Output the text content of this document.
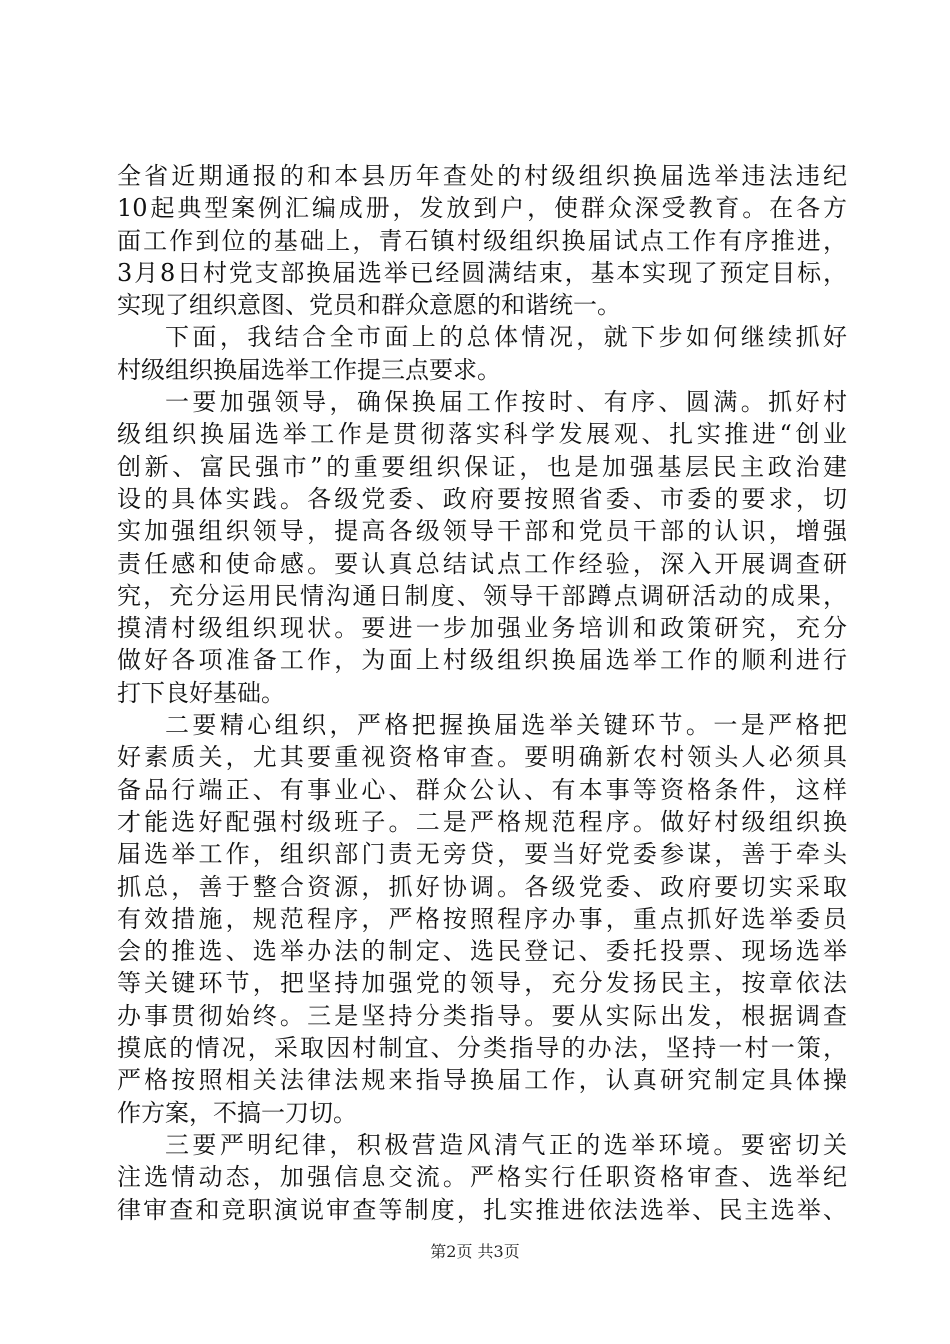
全省近期通报的和本县历年查处的村级组织换届选举违法违纪
10起典型案例汇编成册，发放到户，使群众深受教育。在各方
面工作到位的基础上，青石镇村级组织换届试点工作有序推进，
3月8日村党支部换届选举已经圆满结束，基本实现了预定目标，
实现了组织意图、党员和群众意愿的和谐统一。
下面，我结合全市面上的总体情况，就下步如何继续抓好
村级组织换届选举工作提三点要求。
一要加强领导，确保换届工作按时、有序、圆满。抓好村
级组织换届选举工作是贯彻落实科学发展观、扎实推进“创业
创新、富民强市”的重要组织保证，也是加强基层民主政治建
设的具体实践。各级党委、政府要按照省委、市委的要求，切
实加强组织领导，提高各级领导干部和党员干部的认识，增强
责任感和使命感。要认真总结试点工作经验，深入开展调查研
究，充分运用民情沟通日制度、领导干部蹲点调研活动的成果，
摸清村级组织现状。要进一步加强业务培训和政策研究，充分
做好各项准备工作，为面上村级组织换届选举工作的顺利进行
打下良好基础。
二要精心组织，严格把握换届选举关键环节。一是严格把
好素质关，尤其要重视资格审查。要明确新农村领头人必须具
备品行端正、有事业心、群众公认、有本事等资格条件，这样
才能选好配强村级班子。二是严格规范程序。做好村级组织换
届选举工作，组织部门责无旁贷，要当好党委参谋，善于牵头
抓总，善于整合资源，抓好协调。各级党委、政府要切实采取
有效措施，规范程序，严格按照程序办事，重点抓好选举委员
会的推选、选举办法的制定、选民登记、委托投票、现场选举
等关键环节，把坚持加强党的领导，充分发扬民主，按章依法
办事贯彻始终。三是坚持分类指导。要从实际出发，根据调查
摸底的情况，采取因村制宜、分类指导的办法，坚持一村一策，
严格按照相关法律法规来指导换届工作，认真研究制定具体操
作方案，不搞一刀切。
三要严明纪律，积极营造风清气正的选举环境。要密切关
注选情动态，加强信息交流。严格实行任职资格审查、选举纪
律审查和竞职演说审查等制度，扎实推进依法选举、民主选举、
第2页 共3页
